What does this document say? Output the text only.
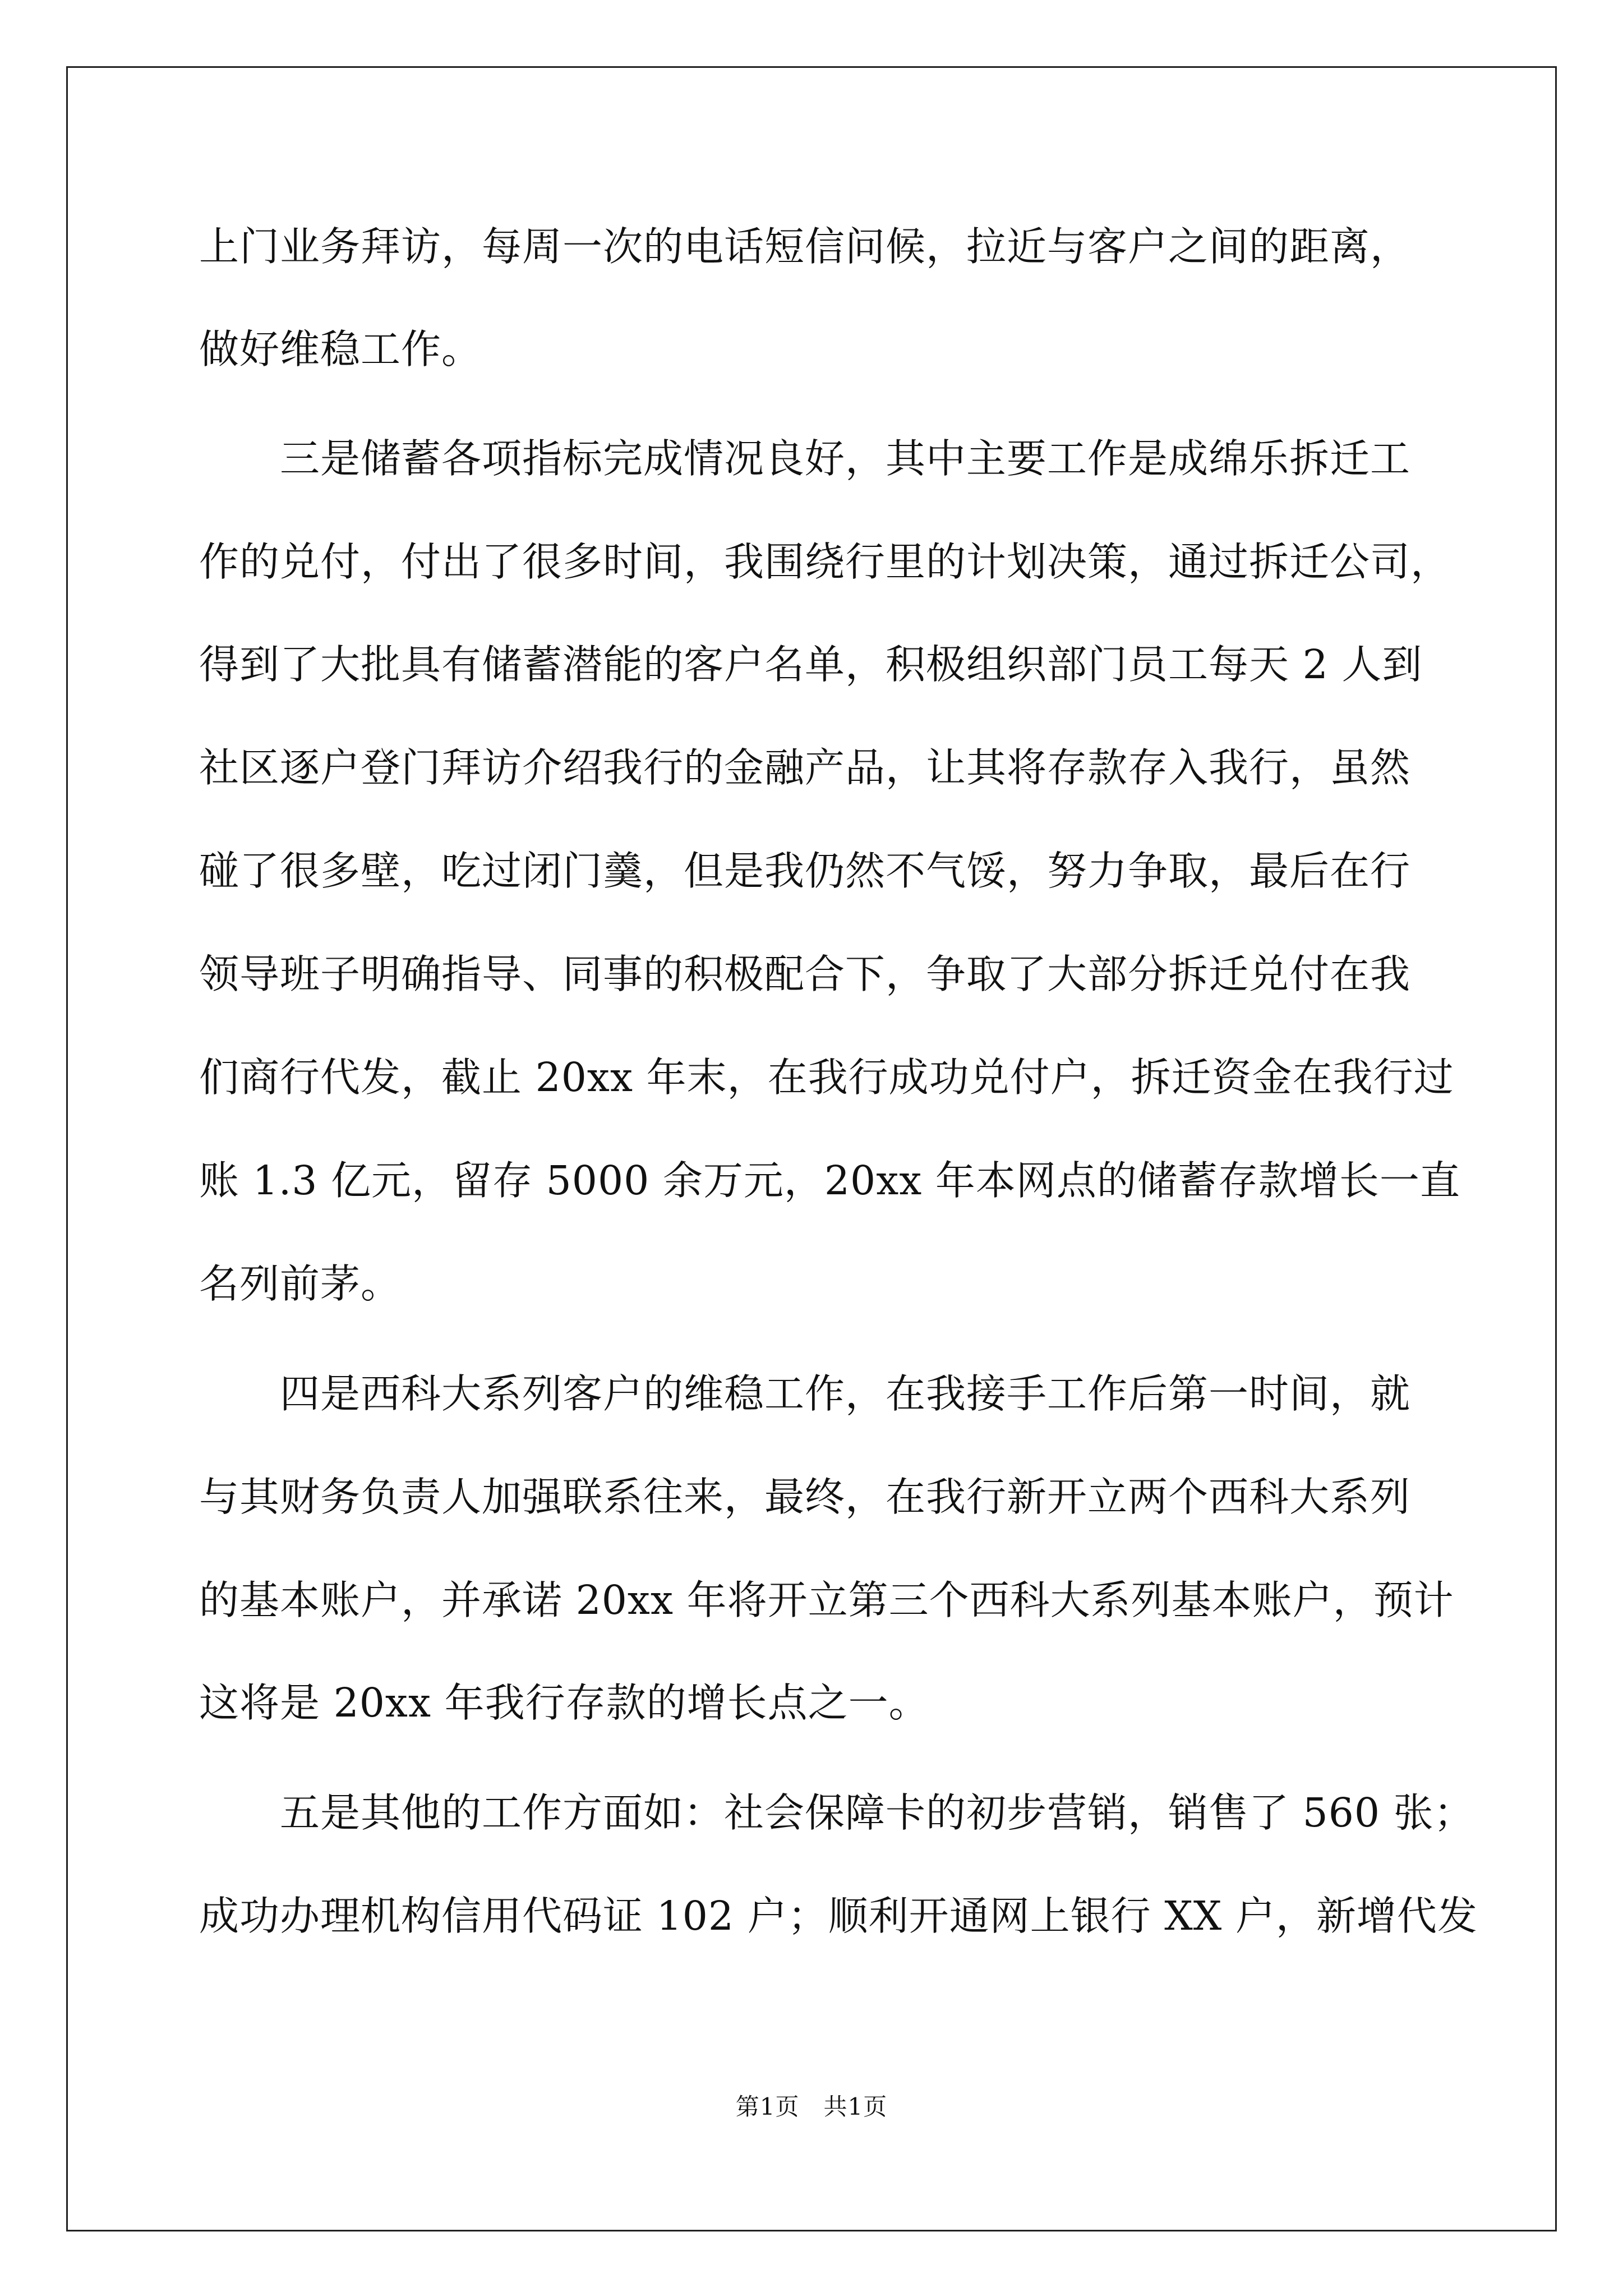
上门业务拜访，每周一次的电话短信问候，拉近与客户之间的距离，
做好维稳工作。
三是储蓄各项指标完成情况良好，其中主要工作是成绵乐拆迁工
作的兑付，付出了很多时间，我围绕行里的计划决策，通过拆迁公司，
得到了大批具有储蓄潜能的客户名单，积极组织部门员工每天 2 人到
社区逐户登门拜访介绍我行的金融产品，让其将存款存入我行，虽然
碰了很多壁，吃过闭门羹，但是我仍然不气馁，努力争取，最后在行
领导班子明确指导、同事的积极配合下，争取了大部分拆迁兑付在我
们商行代发，截止 20xx 年末，在我行成功兑付户，拆迁资金在我行过
账 1.3 亿元，留存 5000 余万元，20xx 年本网点的储蓄存款增长一直
名列前茅。
四是西科大系列客户的维稳工作，在我接手工作后第一时间，就
与其财务负责人加强联系往来，最终，在我行新开立两个西科大系列
的基本账户，并承诺 20xx 年将开立第三个西科大系列基本账户，预计
这将是 20xx 年我行存款的增长点之一。
五是其他的工作方面如：社会保障卡的初步营销，销售了 560 张；
成功办理机构信用代码证 102 户；顺利开通网上银行 XX 户，新增代发
第1页　共1页
